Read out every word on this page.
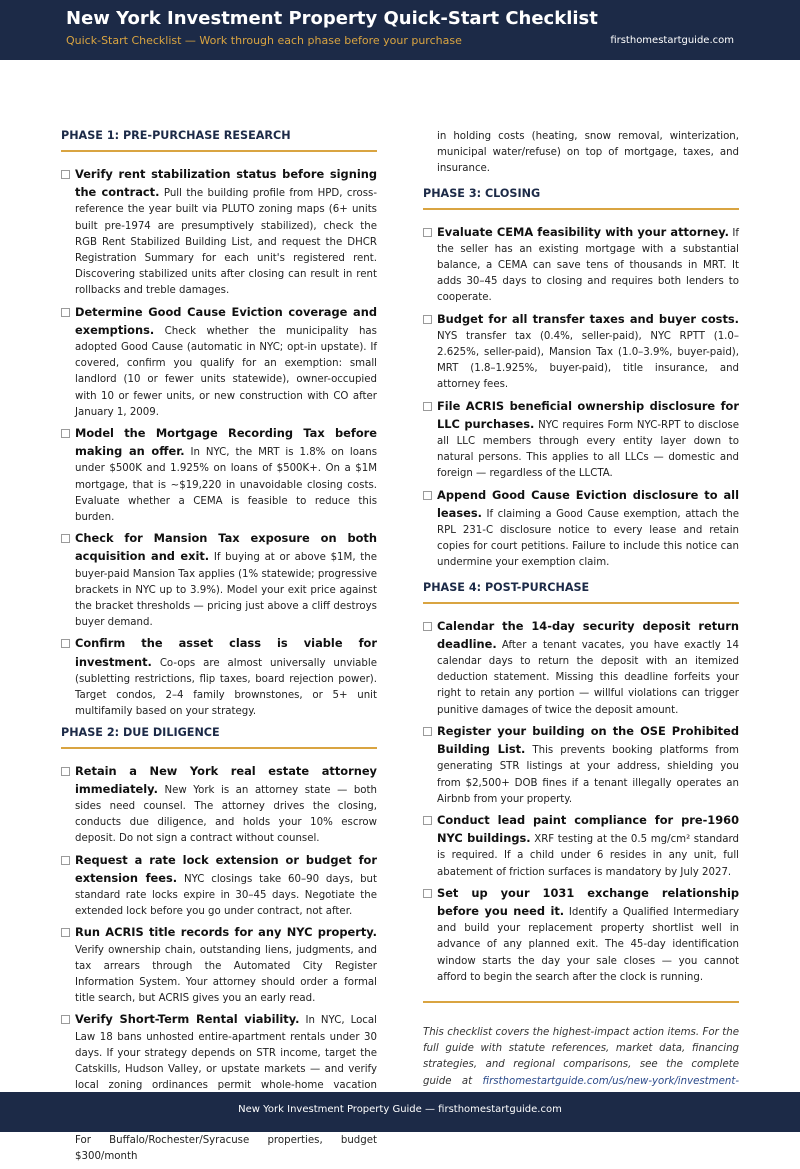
New York Investment Property Quick-Start Checklist
Quick-Start Checklist — Work through each phase before your purchase	firsthomestartguide.com
PHASE 1: PRE-PURCHASE RESEARCH

Verify rent stabilization status before signing the contract. Pull the building profile from HPD, cross-reference the year built via PLUTO zoning maps (6+ units built pre-1974 are presumptively stabilized), check the RGB Rent Stabilized Building List, and request the DHCR Registration Summary for each unit's registered rent. Discovering stabilized units after closing can result in rent rollbacks and treble damages.

Determine Good Cause Eviction coverage and exemptions. Check whether the municipality has adopted Good Cause (automatic in NYC; opt-in upstate). If covered, confirm you qualify for an exemption: small landlord (10 or fewer units statewide), owner-occupied with 10 or fewer units, or new construction with CO after January 1, 2009.

Model the Mortgage Recording Tax before making an offer. In NYC, the MRT is 1.8% on loans under $500K and 1.925% on loans of $500K+. On a $1M mortgage, that is ~$19,220 in unavoidable closing costs. Evaluate whether a CEMA is feasible to reduce this burden.

Check for Mansion Tax exposure on both acquisition and exit. If buying at or above $1M, the buyer-paid Mansion Tax applies (1% statewide; progressive brackets in NYC up to 3.9%). Model your exit price against the bracket thresholds — pricing just above a cliff destroys buyer demand.

Confirm the asset class is viable for investment. Co-ops are almost universally unviable (subletting restrictions, flip taxes, board rejection power). Target condos, 2–4 family brownstones, or 5+ unit multifamily based on your strategy.

PHASE 2: DUE DILIGENCE

Retain a New York real estate attorney immediately. New York is an attorney state — both sides need counsel. The attorney drives the closing, conducts due diligence, and holds your 10% escrow deposit. Do not sign a contract without counsel.

Request a rate lock extension or budget for extension fees. NYC closings take 60–90 days, but standard rate locks expire in 30–45 days. Negotiate the extended lock before you go under contract, not after.

Run ACRIS title records for any NYC property. Verify ownership chain, outstanding liens, judgments, and tax arrears through the Automated City Register Information System. Your attorney should order a formal title search, but ACRIS gives you an early read.

Verify Short-Term Rental viability. In NYC, Local Law 18 bans unhosted entire-apartment rentals under 30 days. If your strategy depends on STR income, target the Catskills, Hudson Valley, or upstate markets — and verify local zoning ordinances permit whole-home vacation

For Buffalo/Rochester/Syracuse properties, budget $300/month

in holding costs (heating, snow removal, winterization, municipal water/refuse) on top of mortgage, taxes, and insurance.

PHASE 3: CLOSING

Evaluate CEMA feasibility with your attorney. If the seller has an existing mortgage with a substantial balance, a CEMA can save tens of thousands in MRT. It adds 30–45 days to closing and requires both lenders to cooperate.

Budget for all transfer taxes and buyer costs. NYS transfer tax (0.4%, seller-paid), NYC RPTT (1.0–2.625%, seller-paid), Mansion Tax (1.0–3.9%, buyer-paid), MRT (1.8–1.925%, buyer-paid), title insurance, and attorney fees.

File ACRIS beneficial ownership disclosure for LLC purchases. NYC requires Form NYC-RPT to disclose all LLC members through every entity layer down to natural persons. This applies to all LLCs — domestic and foreign — regardless of the LLCTA.

Append Good Cause Eviction disclosure to all leases. If claiming a Good Cause exemption, attach the RPL 231-C disclosure notice to every lease and retain copies for court petitions. Failure to include this notice can undermine your exemption claim.

PHASE 4: POST-PURCHASE

Calendar the 14-day security deposit return deadline. After a tenant vacates, you have exactly 14 calendar days to return the deposit with an itemized deduction statement. Missing this deadline forfeits your right to retain any portion — willful violations can trigger punitive damages of twice the deposit amount.

Register your building on the OSE Prohibited Building List. This prevents booking platforms from generating STR listings at your address, shielding you from $2,500+ DOB fines if a tenant illegally operates an Airbnb from your property.

Conduct lead paint compliance for pre-1960 NYC buildings. XRF testing at the 0.5 mg/cm² standard is required. If a child under 6 resides in any unit, full abatement of friction surfaces is mandatory by July 2027.

Set up your 1031 exchange relationship before you need it. Identify a Qualified Intermediary and build your replacement property shortlist well in advance of any planned exit. The 45-day identification window starts the day your sale closes — you cannot afford to begin the search after the clock is running.

This checklist covers the highest-impact action items. For the full guide with statute references, market data, financing strategies, and regional comparisons, see the complete guide at firsthomestartguide.com/us/new-york/investment-

New York Investment Property Guide — firsthomestartguide.com
